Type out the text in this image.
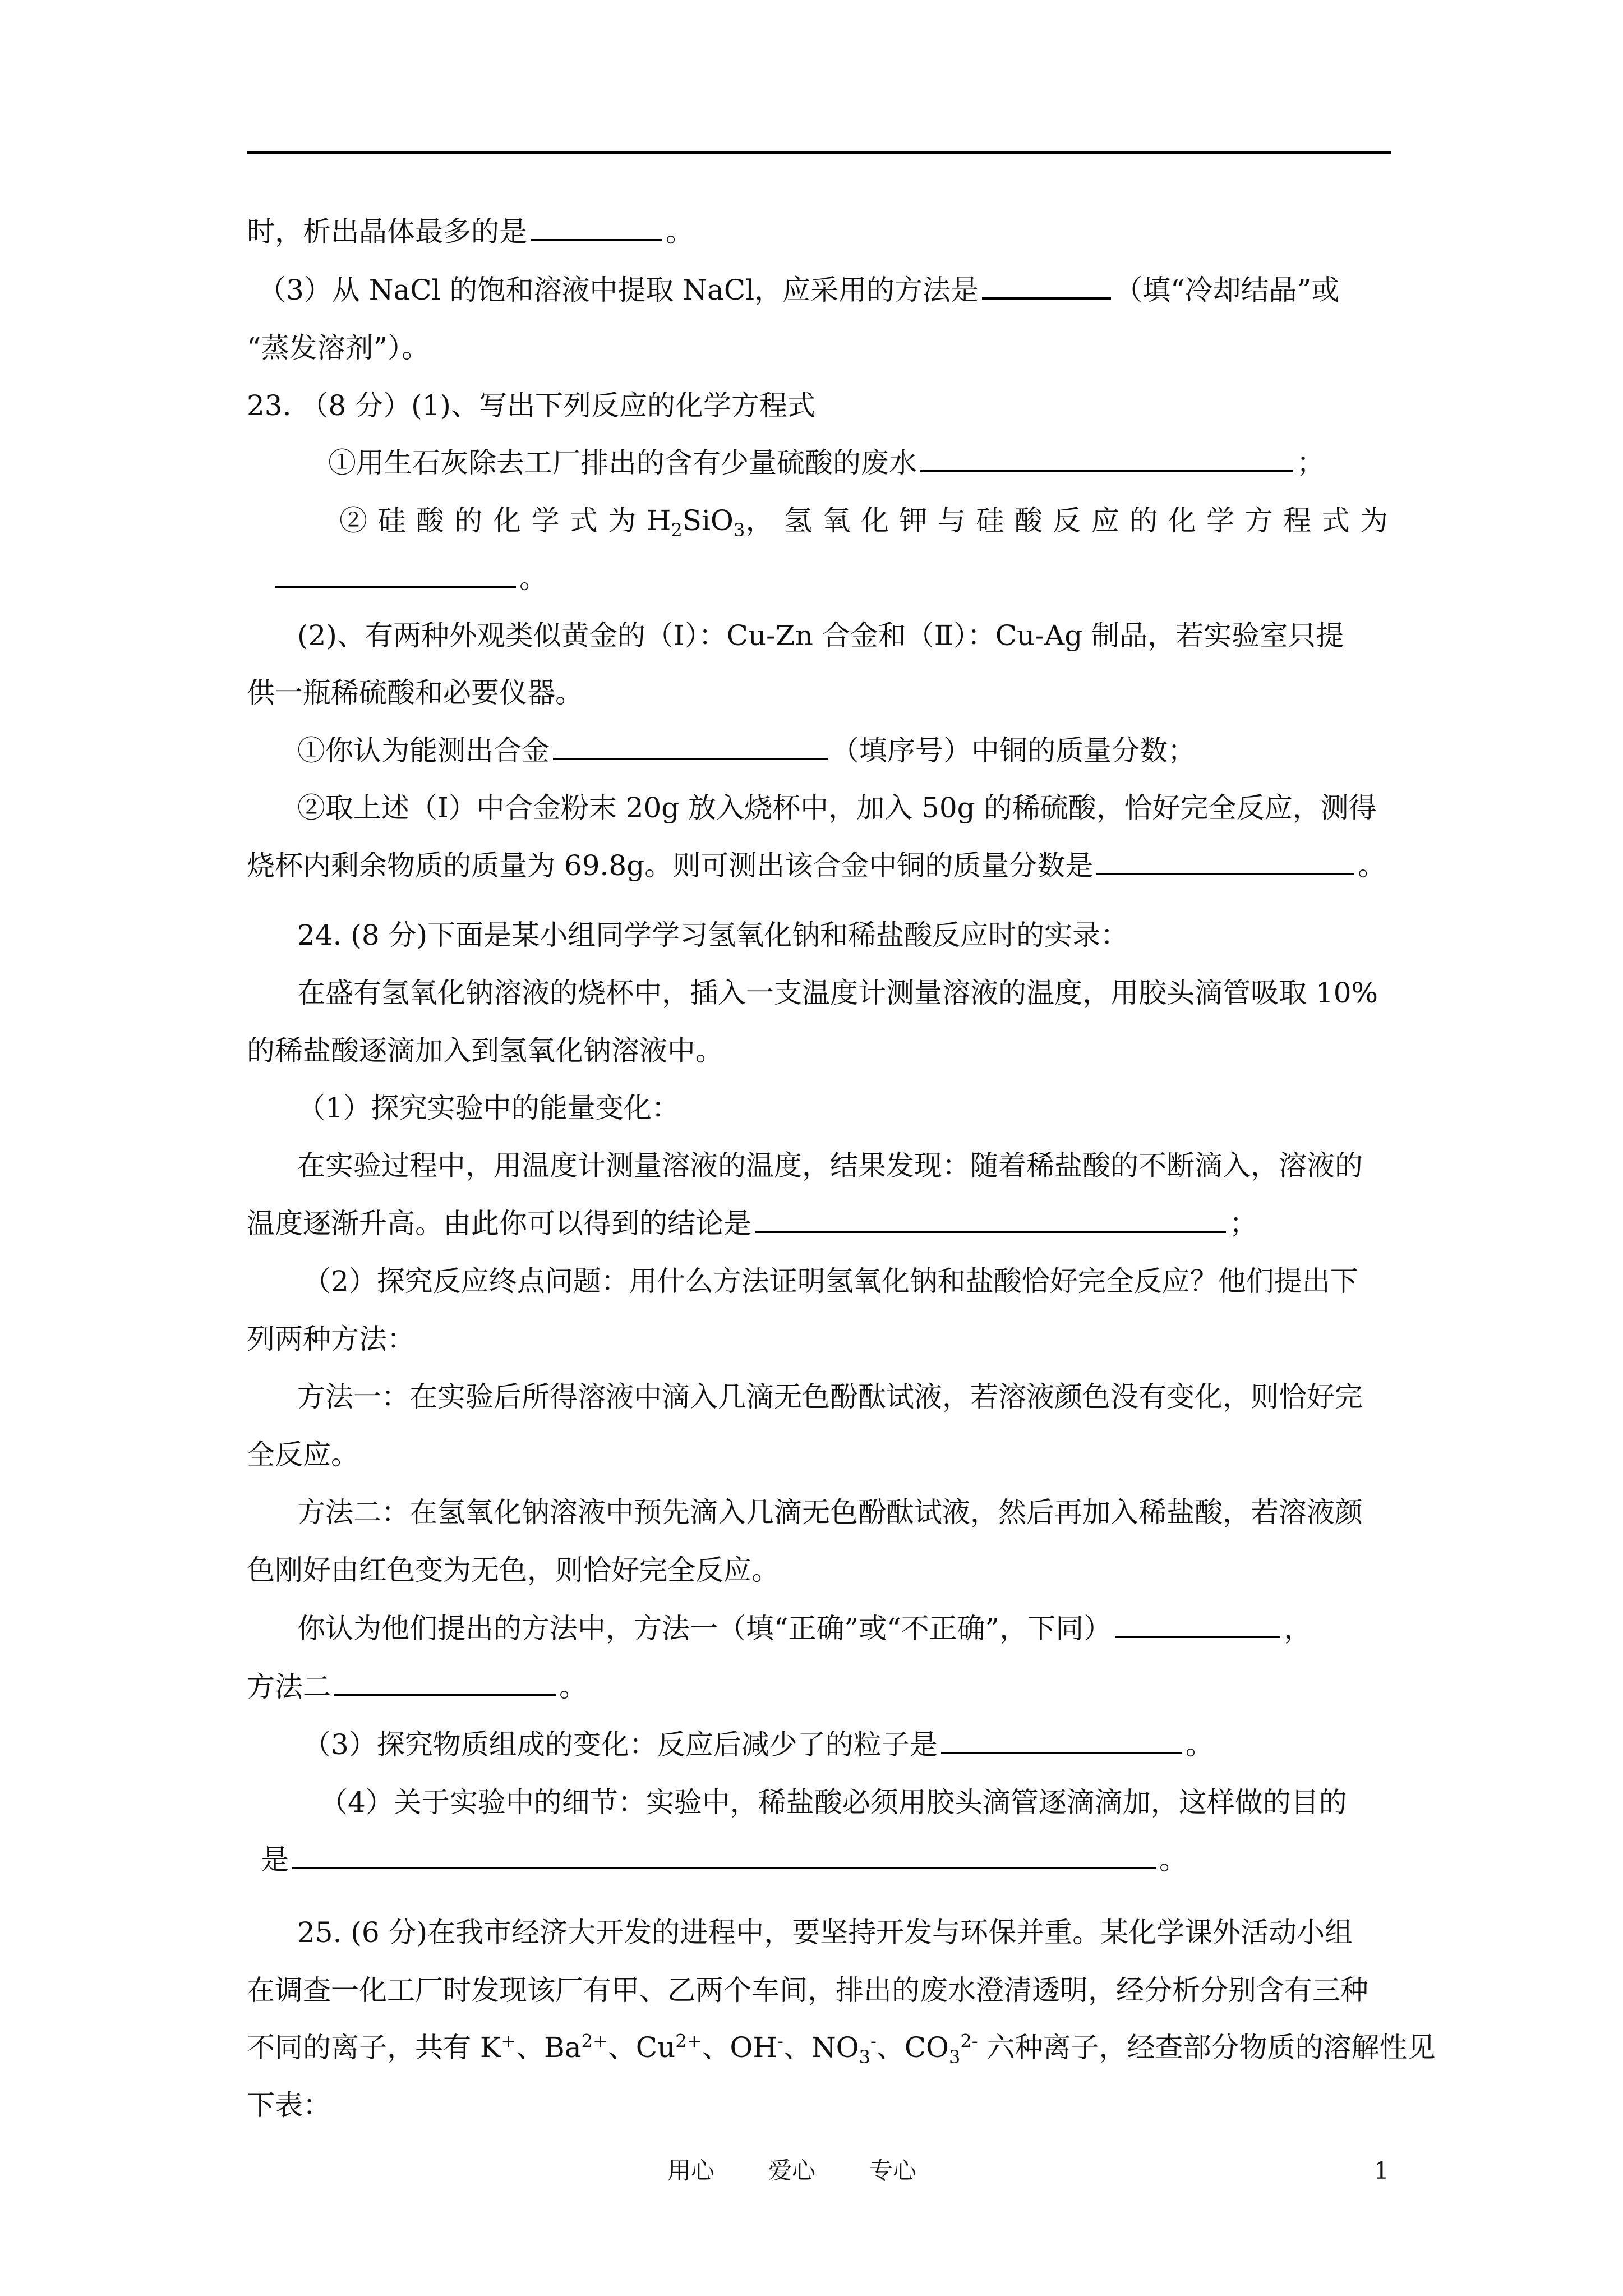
时，析出晶体最多的是	。
（3）从 NaCl 的饱和溶液中提取 NaCl，应采用的方法是	（填“冷却结晶”或
“蒸发溶剂”）。
23. （8 分）(1)、写出下列反应的化学方程式
①用生石灰除去工厂排出的含有少量硫酸的废水	；
② 硅 酸 的 化 学 式 为 $H_2SiO_3$， 氢 氧 化 钾 与 硅 酸 反 应 的 化 学 方 程 式 为
。
(2)、有两种外观类似黄金的（Ⅰ）：Cu-Zn 合金和（Ⅱ）：Cu-Ag 制品，若实验室只提
供一瓶稀硫酸和必要仪器。
①你认为能测出合金	（填序号）中铜的质量分数；
②取上述（Ⅰ）中合金粉末 20g 放入烧杯中，加入 50g 的稀硫酸，恰好完全反应，测得
烧杯内剩余物质的质量为 69.8g。则可测出该合金中铜的质量分数是	。
24. (8 分)下面是某小组同学学习氢氧化钠和稀盐酸反应时的实录：
在盛有氢氧化钠溶液的烧杯中，插入一支温度计测量溶液的温度，用胶头滴管吸取 10%
的稀盐酸逐滴加入到氢氧化钠溶液中。
（1）探究实验中的能量变化：
在实验过程中，用温度计测量溶液的温度，结果发现：随着稀盐酸的不断滴入，溶液的
温度逐渐升高。由此你可以得到的结论是	；
（2）探究反应终点问题：用什么方法证明氢氧化钠和盐酸恰好完全反应？他们提出下
列两种方法：
方法一：在实验后所得溶液中滴入几滴无色酚酞试液，若溶液颜色没有变化，则恰好完
全反应。
方法二：在氢氧化钠溶液中预先滴入几滴无色酚酞试液，然后再加入稀盐酸，若溶液颜
色刚好由红色变为无色，则恰好完全反应。
你认为他们提出的方法中，方法一（填“正确”或“不正确”，下同）	，
方法二	。
（3）探究物质组成的变化：反应后减少了的粒子是	。
（4）关于实验中的细节：实验中，稀盐酸必须用胶头滴管逐滴滴加，这样做的目的
是	。
25. (6 分)在我市经济大开发的进程中，要坚持开发与环保并重。某化学课外活动小组
在调查一化工厂时发现该厂有甲、乙两个车间，排出的废水澄清透明，经分析分别含有三种
不同的离子，共有 K+、$Ba^{2+}$、$Cu^{2+}$、OH-、$NO_3^-$、$CO_3^{2-}$ 六种离子，经查部分物质的溶解性见
下表：
用心 爱心 专心	1
